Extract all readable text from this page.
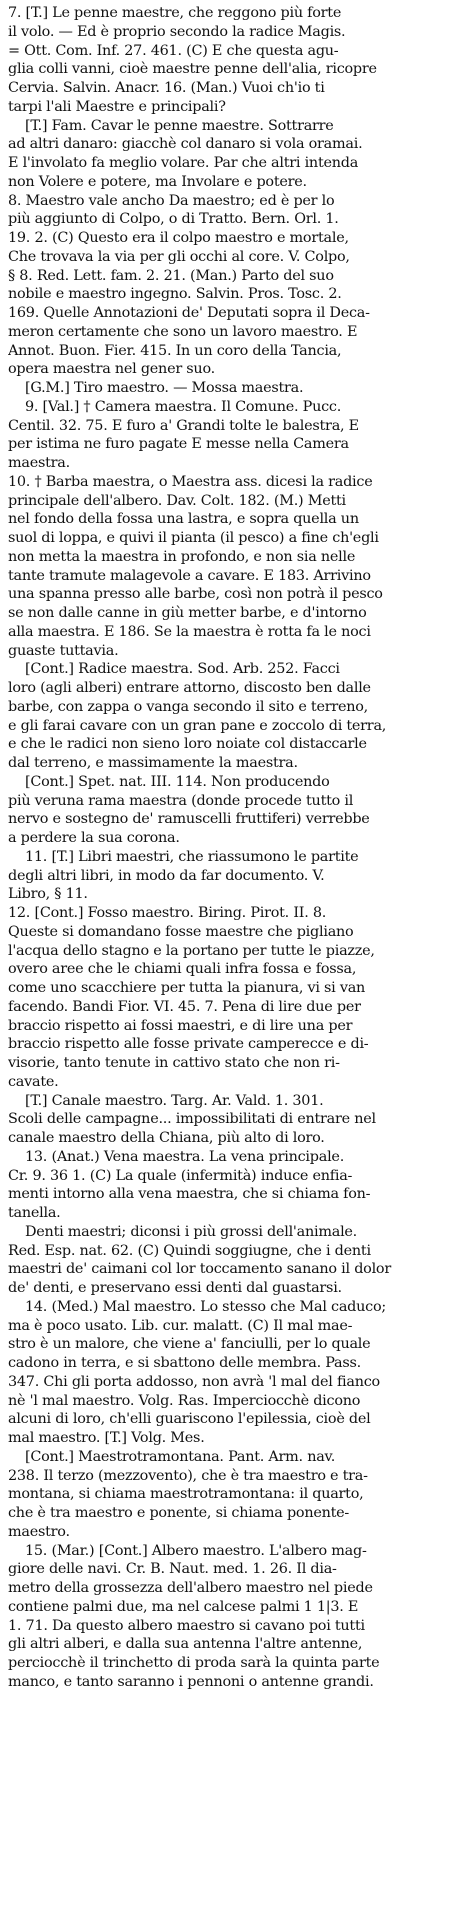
7. [T.] Le penne maestre, che reggono più forte
il volo. — Ed è proprio secondo la radice Magis.
= Ott. Com. Inf. 27. 461. (C) E che questa agu-
glia colli vanni, cioè maestre penne dell'alia, ricopre
Cervia. Salvin. Anacr. 16. (Man.) Vuoi ch'io ti
tarpi l'ali Maestre e principali?
[T.] Fam. Cavar le penne maestre. Sottrarre
ad altri danaro: giacchè col danaro si vola oramai.
E l'involato fa meglio volare. Par che altri intenda
non Volere e potere, ma Involare e potere.
8. Maestro vale ancho Da maestro; ed è per lo
più aggiunto di Colpo, o di Tratto. Bern. Orl. 1.
19. 2. (C) Questo era il colpo maestro e mortale,
Che trovava la via per gli occhi al core. V. Colpo,
§ 8. Red. Lett. fam. 2. 21. (Man.) Parto del suo
nobile e maestro ingegno. Salvin. Pros. Tosc. 2.
169. Quelle Annotazioni de' Deputati sopra il Deca-
meron certamente che sono un lavoro maestro. E
Annot. Buon. Fier. 415. In un coro della Tancia,
opera maestra nel gener suo.
[G.M.] Tiro maestro. — Mossa maestra.
9. [Val.] † Camera maestra. Il Comune. Pucc.
Centil. 32. 75. E furo a' Grandi tolte le balestra, E
per istima ne furo pagate E messe nella Camera
maestra.
10. † Barba maestra, o Maestra ass. dicesi la radice
principale dell'albero. Dav. Colt. 182. (M.) Metti
nel fondo della fossa una lastra, e sopra quella un
suol di loppa, e quivi il pianta (il pesco) a fine ch'egli
non metta la maestra in profondo, e non sia nelle
tante tramute malagevole a cavare. E 183. Arrivino
una spanna presso alle barbe, così non potrà il pesco
se non dalle canne in giù metter barbe, e d'intorno
alla maestra. E 186. Se la maestra è rotta fa le noci
guaste tuttavia.
[Cont.] Radice maestra. Sod. Arb. 252. Facci
loro (agli alberi) entrare attorno, discosto ben dalle
barbe, con zappa o vanga secondo il sito e terreno,
e gli farai cavare con un gran pane e zoccolo di terra,
e che le radici non sieno loro noiate col distaccarle
dal terreno, e massimamente la maestra.
[Cont.] Spet. nat. III. 114. Non producendo
più veruna rama maestra (donde procede tutto il
nervo e sostegno de' ramuscelli fruttiferi) verrebbe
a perdere la sua corona.
11. [T.] Libri maestri, che riassumono le partite
degli altri libri, in modo da far documento. V.
Libro, § 11.
12. [Cont.] Fosso maestro. Biring. Pirot. II. 8.
Queste si domandano fosse maestre che pigliano
l'acqua dello stagno e la portano per tutte le piazze,
overo aree che le chiami quali infra fossa e fossa,
come uno scacchiere per tutta la pianura, vi si van
facendo. Bandi Fior. VI. 45. 7. Pena di lire due per
braccio rispetto ai fossi maestri, e di lire una per
braccio rispetto alle fosse private camperecce e di-
visorie, tanto tenute in cattivo stato che non ri-
cavate.
[T.] Canale maestro. Targ. Ar. Vald. 1. 301.
Scoli delle campagne... impossibilitati di entrare nel
canale maestro della Chiana, più alto di loro.
13. (Anat.) Vena maestra. La vena principale.
Cr. 9. 36 1. (C) La quale (infermità) induce enfia-
menti intorno alla vena maestra, che si chiama fon-
tanella.
Denti maestri; diconsi i più grossi dell'animale.
Red. Esp. nat. 62. (C) Quindi soggiugne, che i denti
maestri de' caimani col lor toccamento sanano il dolor
de' denti, e preservano essi denti dal guastarsi.
14. (Med.) Mal maestro. Lo stesso che Mal caduco;
ma è poco usato. Lib. cur. malatt. (C) Il mal mae-
stro è un malore, che viene a' fanciulli, per lo quale
cadono in terra, e si sbattono delle membra. Pass.
347. Chi gli porta addosso, non avrà 'l mal del fianco
nè 'l mal maestro. Volg. Ras. Imperciocchè dicono
alcuni di loro, ch'elli guariscono l'epilessia, cioè del
mal maestro. [T.] Volg. Mes.
[Cont.] Maestrotramontana. Pant. Arm. nav.
238. Il terzo (mezzovento), che è tra maestro e tra-
montana, si chiama maestrotramontana: il quarto,
che è tra maestro e ponente, si chiama ponente-
maestro.
15. (Mar.) [Cont.] Albero maestro. L'albero mag-
giore delle navi. Cr. B. Naut. med. 1. 26. Il dia-
metro della grossezza dell'albero maestro nel piede
contiene palmi due, ma nel calcese palmi 1 1|3. E
1. 71. Da questo albero maestro si cavano poi tutti
gli altri alberi, e dalla sua antenna l'altre antenne,
perciocchè il trinchetto di proda sarà la quinta parte
manco, e tanto saranno i pennoni o antenne grandi.
